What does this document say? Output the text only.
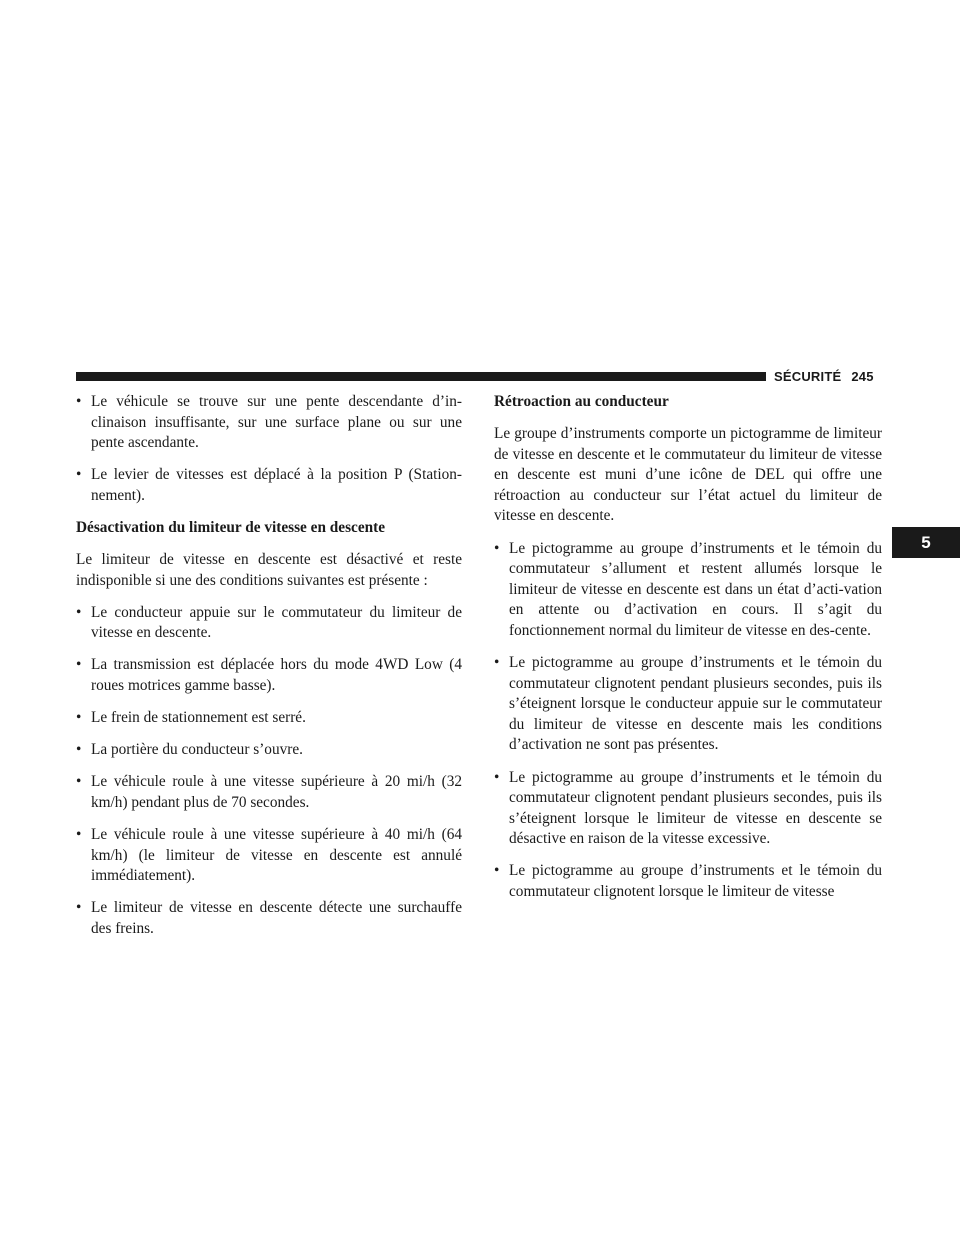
SÉCURITÉ 245
5
• Le véhicule se trouve sur une pente descendante d’in-clinaison insuffisante, sur une surface plane ou sur une pente ascendante.
• Le levier de vitesses est déplacé à la position P (Station-nement).
Désactivation du limiteur de vitesse en descente

Le limiteur de vitesse en descente est désactivé et reste indisponible si une des conditions suivantes est présente :

• Le conducteur appuie sur le commutateur du limiteur de vitesse en descente.
• La transmission est déplacée hors du mode 4WD Low (4 roues motrices gamme basse).
• Le frein de stationnement est serré.
• La portière du conducteur s’ouvre.
• Le véhicule roule à une vitesse supérieure à 20 mi/h (32 km/h) pendant plus de 70 secondes.
• Le véhicule roule à une vitesse supérieure à 40 mi/h (64 km/h) (le limiteur de vitesse en descente est annulé immédiatement).
• Le limiteur de vitesse en descente détecte une surchauffe des freins.
Rétroaction au conducteur

Le groupe d’instruments comporte un pictogramme de limiteur de vitesse en descente et le commutateur du limiteur de vitesse en descente est muni d’une icône de DEL qui offre une rétroaction au conducteur sur l’état actuel du limiteur de vitesse en descente.

• Le pictogramme au groupe d’instruments et le témoin du commutateur s’allument et restent allumés lorsque le limiteur de vitesse en descente est dans un état d’acti-vation en attente ou d’activation en cours. Il s’agit du fonctionnement normal du limiteur de vitesse en des-cente.
• Le pictogramme au groupe d’instruments et le témoin du commutateur clignotent pendant plusieurs secondes, puis ils s’éteignent lorsque le conducteur appuie sur le commutateur du limiteur de vitesse en descente mais les conditions d’activation ne sont pas présentes.
• Le pictogramme au groupe d’instruments et le témoin du commutateur clignotent pendant plusieurs secondes, puis ils s’éteignent lorsque le limiteur de vitesse en descente se désactive en raison de la vitesse excessive.
• Le pictogramme au groupe d’instruments et le témoin du commutateur clignotent lorsque le limiteur de vitesse
